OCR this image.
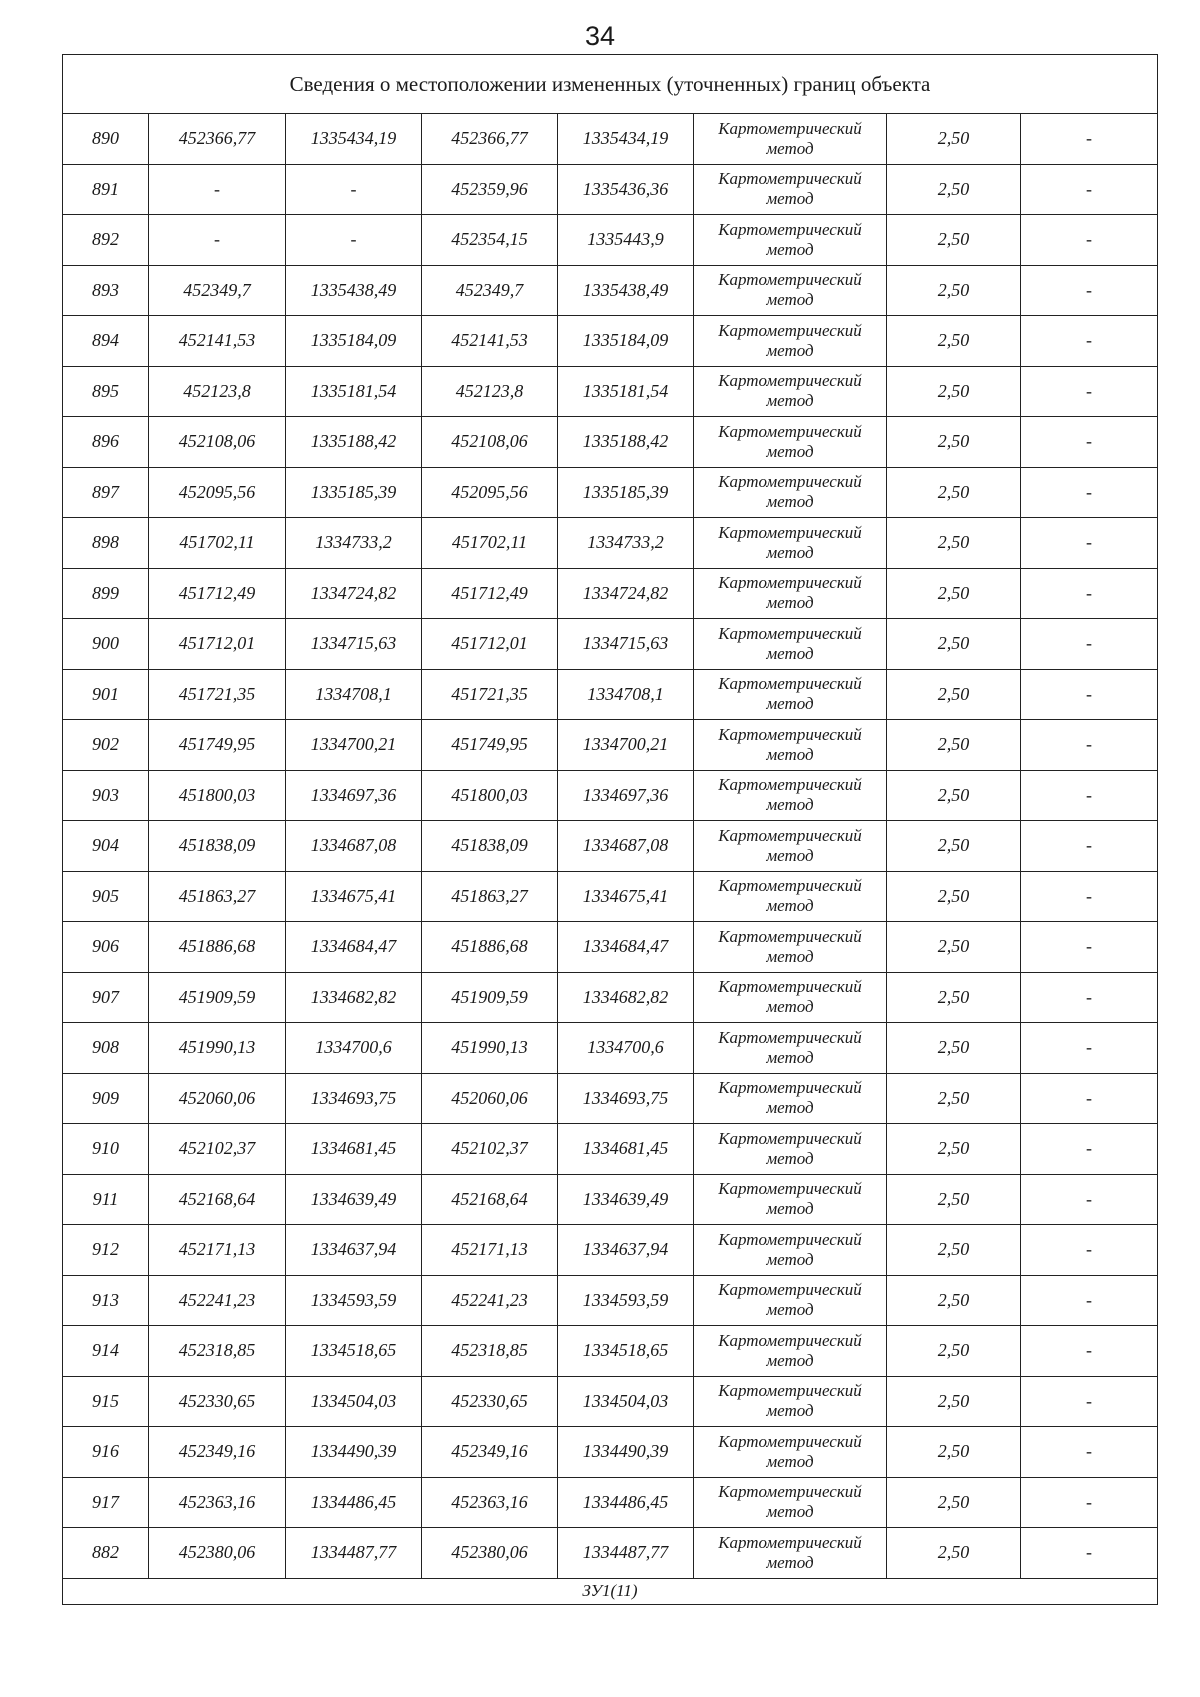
34
Сведения о местоположении измененных (уточненных) границ объекта							
890	452366,77	1335434,19	452366,77	1335434,19	Картометрический
метод	2,50	-
891	-	-	452359,96	1335436,36	Картометрический
метод	2,50	-
892	-	-	452354,15	1335443,9	Картометрический
метод	2,50	-
893	452349,7	1335438,49	452349,7	1335438,49	Картометрический
метод	2,50	-
894	452141,53	1335184,09	452141,53	1335184,09	Картометрический
метод	2,50	-
895	452123,8	1335181,54	452123,8	1335181,54	Картометрический
метод	2,50	-
896	452108,06	1335188,42	452108,06	1335188,42	Картометрический
метод	2,50	-
897	452095,56	1335185,39	452095,56	1335185,39	Картометрический
метод	2,50	-
898	451702,11	1334733,2	451702,11	1334733,2	Картометрический
метод	2,50	-
899	451712,49	1334724,82	451712,49	1334724,82	Картометрический
метод	2,50	-
900	451712,01	1334715,63	451712,01	1334715,63	Картометрический
метод	2,50	-
901	451721,35	1334708,1	451721,35	1334708,1	Картометрический
метод	2,50	-
902	451749,95	1334700,21	451749,95	1334700,21	Картометрический
метод	2,50	-
903	451800,03	1334697,36	451800,03	1334697,36	Картометрический
метод	2,50	-
904	451838,09	1334687,08	451838,09	1334687,08	Картометрический
метод	2,50	-
905	451863,27	1334675,41	451863,27	1334675,41	Картометрический
метод	2,50	-
906	451886,68	1334684,47	451886,68	1334684,47	Картометрический
метод	2,50	-
907	451909,59	1334682,82	451909,59	1334682,82	Картометрический
метод	2,50	-
908	451990,13	1334700,6	451990,13	1334700,6	Картометрический
метод	2,50	-
909	452060,06	1334693,75	452060,06	1334693,75	Картометрический
метод	2,50	-
910	452102,37	1334681,45	452102,37	1334681,45	Картометрический
метод	2,50	-
911	452168,64	1334639,49	452168,64	1334639,49	Картометрический
метод	2,50	-
912	452171,13	1334637,94	452171,13	1334637,94	Картометрический
метод	2,50	-
913	452241,23	1334593,59	452241,23	1334593,59	Картометрический
метод	2,50	-
914	452318,85	1334518,65	452318,85	1334518,65	Картометрический
метод	2,50	-
915	452330,65	1334504,03	452330,65	1334504,03	Картометрический
метод	2,50	-
916	452349,16	1334490,39	452349,16	1334490,39	Картометрический
метод	2,50	-
917	452363,16	1334486,45	452363,16	1334486,45	Картометрический
метод	2,50	-
882	452380,06	1334487,77	452380,06	1334487,77	Картометрический
метод	2,50	-
ЗУ1(11)							
